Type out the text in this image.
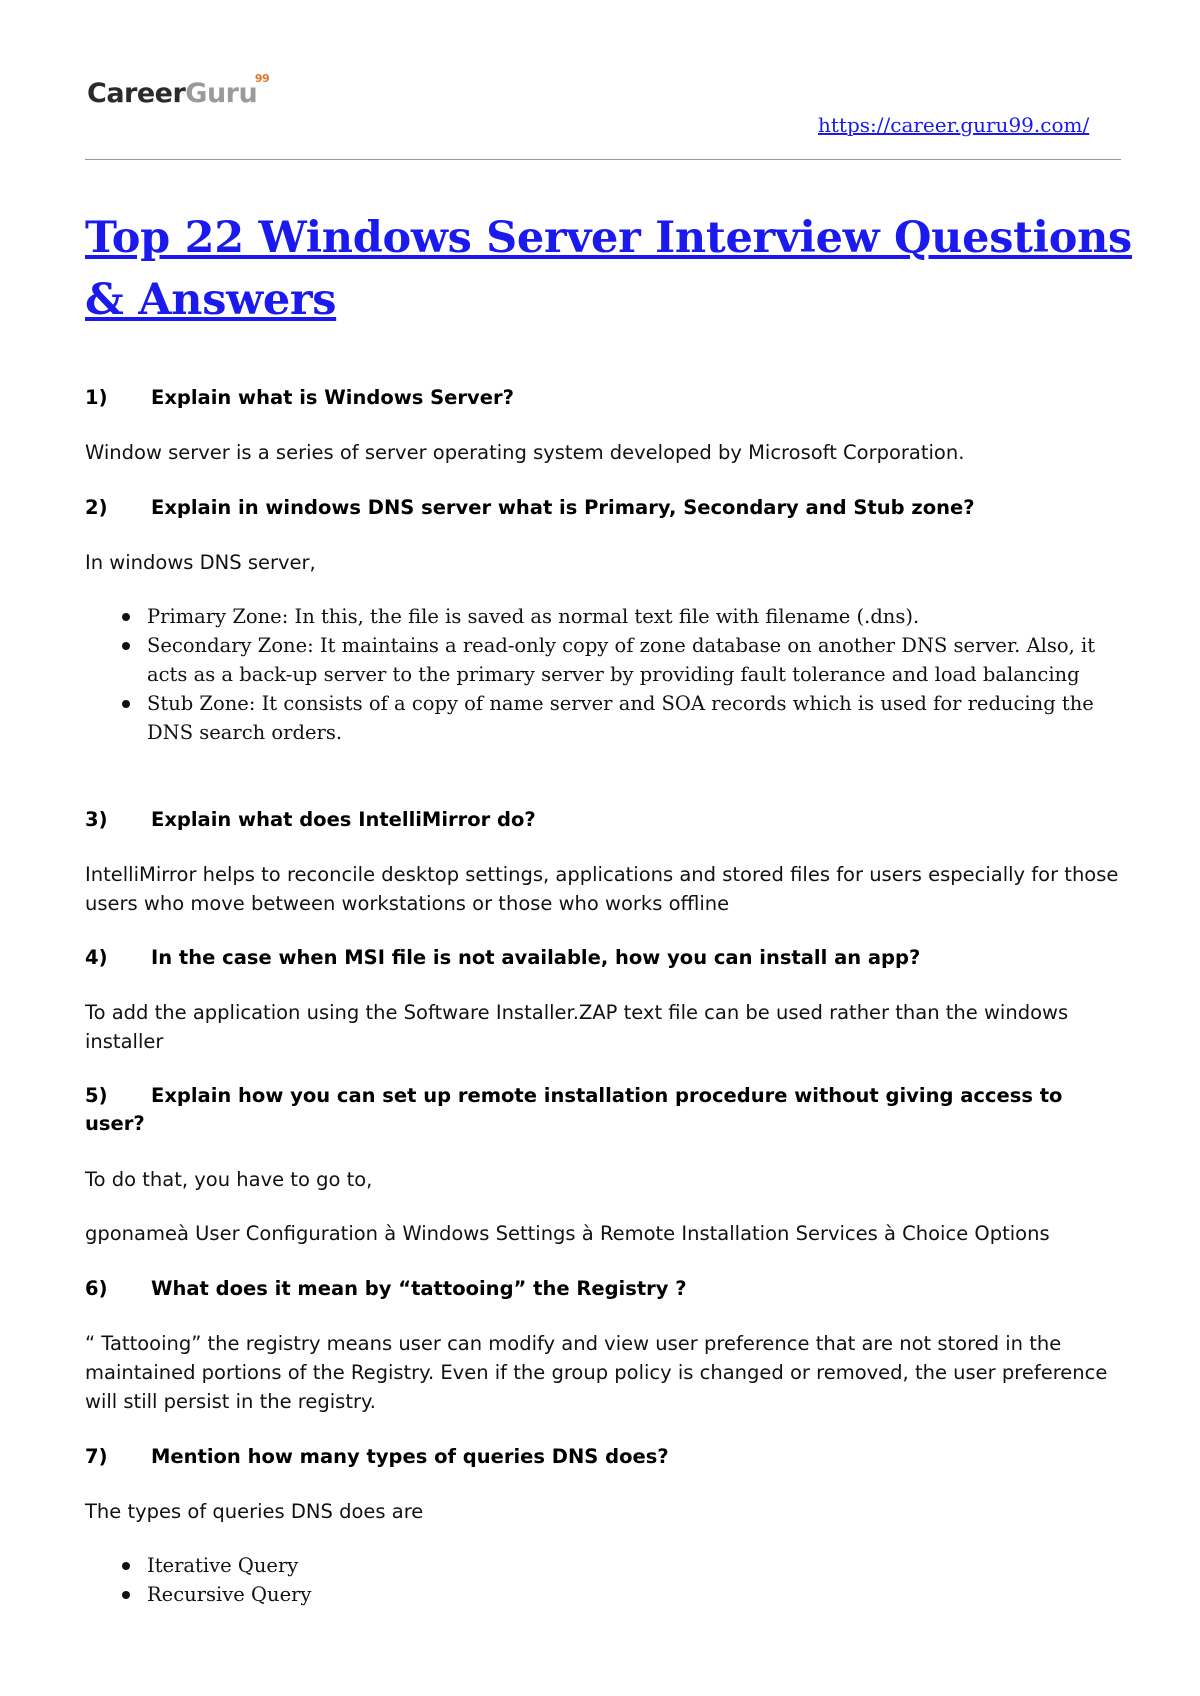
CareerGuru
99
https://career.guru99.com/
Top 22 Windows Server Interview Questions & Answers
1) Explain what is Windows Server?
Window server is a series of server operating system developed by Microsoft Corporation.
2) Explain in windows DNS server what is Primary, Secondary and Stub zone?
In windows DNS server,
Primary Zone: In this, the file is saved as normal text file with filename (.dns).
Secondary Zone: It maintains a read-only copy of zone database on another DNS server. Also, it acts as a back-up server to the primary server by providing fault tolerance and load balancing
Stub Zone: It consists of a copy of name server and SOA records which is used for reducing the DNS search orders.
3) Explain what does IntelliMirror do?
IntelliMirror helps to reconcile desktop settings, applications and stored files for users especially for those users who move between workstations or those who works offline
4) In the case when MSI file is not available, how you can install an app?
To add the application using the Software Installer.ZAP text file can be used rather than the windows installer
5) Explain how you can set up remote installation procedure without giving access to user?
To do that, you have to go to,
gponameà User Configuration à Windows Settings à Remote Installation Services à Choice Options
6) What does it mean by “tattooing” the Registry ?
“ Tattooing” the registry means user can modify and view user preference that are not stored in the maintained portions of the Registry. Even if the group policy is changed or removed, the user preference will still persist in the registry.
7) Mention how many types of queries DNS does?
The types of queries DNS does are
Iterative Query
Recursive Query
